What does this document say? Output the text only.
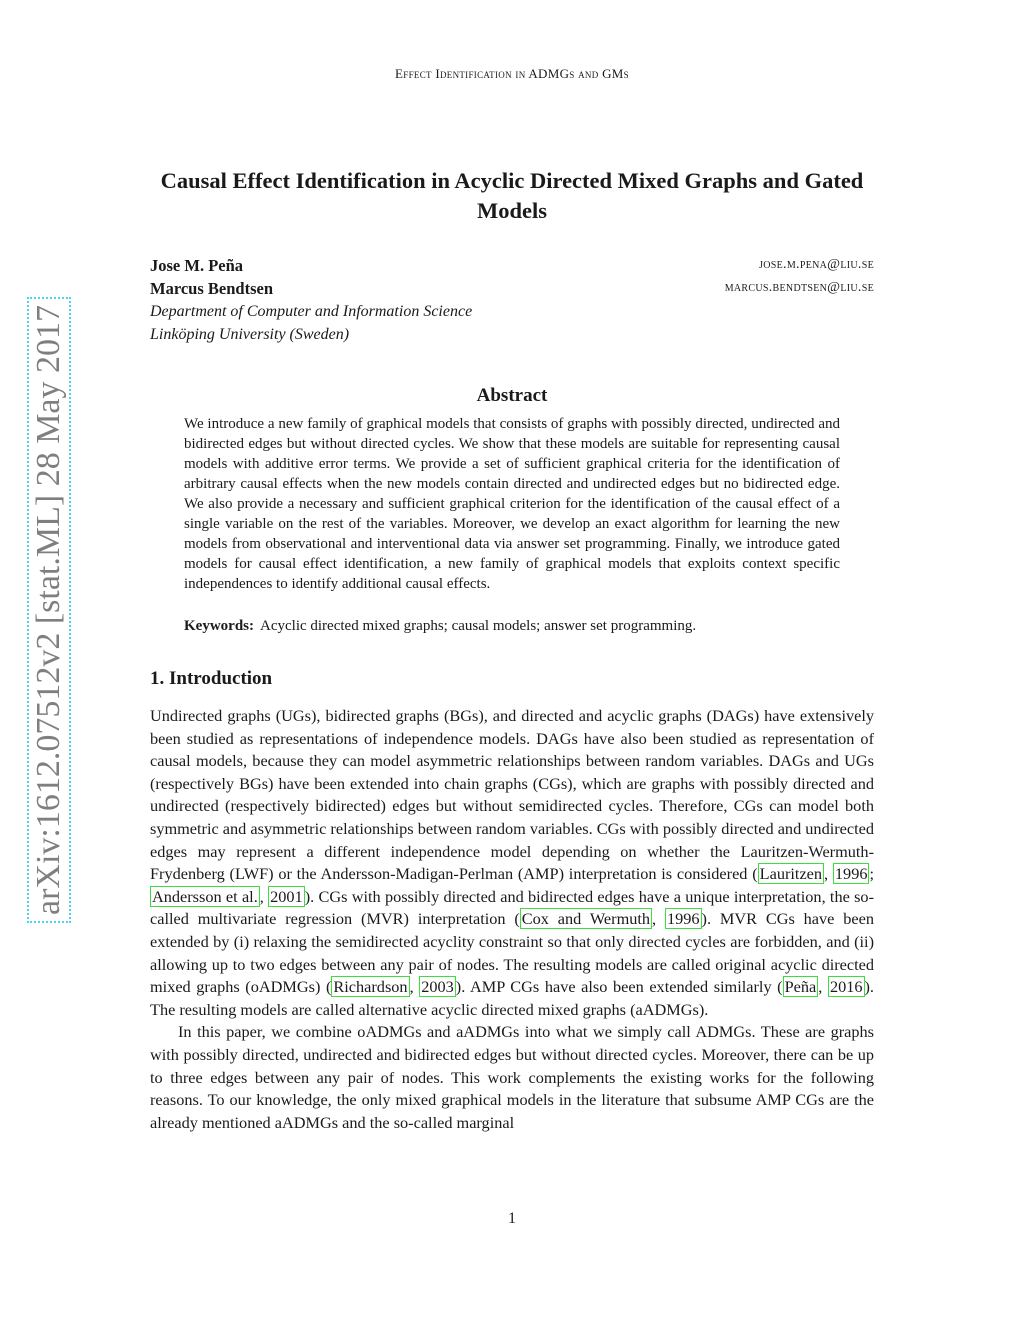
Effect Identification in ADMGs and GMs
arXiv:1612.07512v2 [stat.ML] 28 May 2017
Causal Effect Identification in Acyclic Directed Mixed Graphs and Gated Models
Jose M. Peña	jose.m.pena@liu.se
Marcus Bendtsen	marcus.bendtsen@liu.se
Department of Computer and Information Science
Linköping University (Sweden)
Abstract
We introduce a new family of graphical models that consists of graphs with possibly directed, undirected and bidirected edges but without directed cycles. We show that these models are suitable for representing causal models with additive error terms. We provide a set of sufficient graphical criteria for the identification of arbitrary causal effects when the new models contain directed and undirected edges but no bidirected edge. We also provide a necessary and sufficient graphical criterion for the identification of the causal effect of a single variable on the rest of the variables. Moreover, we develop an exact algorithm for learning the new models from observational and interventional data via answer set programming. Finally, we introduce gated models for causal effect identification, a new family of graphical models that exploits context specific independences to identify additional causal effects.
Keywords: Acyclic directed mixed graphs; causal models; answer set programming.
1. Introduction

Undirected graphs (UGs), bidirected graphs (BGs), and directed and acyclic graphs (DAGs) have extensively been studied as representations of independence models. DAGs have also been studied as representation of causal models, because they can model asymmetric relationships between random variables. DAGs and UGs (respectively BGs) have been extended into chain graphs (CGs), which are graphs with possibly directed and undirected (respectively bidirected) edges but without semidirected cycles. Therefore, CGs can model both symmetric and asymmetric relationships between random variables. CGs with possibly directed and undirected edges may represent a different independence model depending on whether the Lauritzen-Wermuth-Frydenberg (LWF) or the Andersson-Madigan-Perlman (AMP) interpretation is considered ( Lauritzen , 1996 ; Andersson et al. , 2001 ). CGs with possibly directed and bidirected edges have a unique interpretation, the so-called multivariate regression (MVR) interpretation ( Cox and Wermuth , 1996 ). MVR CGs have been extended by (i) relaxing the semidirected acyclity constraint so that only directed cycles are forbidden, and (ii) allowing up to two edges between any pair of nodes. The resulting models are called original acyclic directed mixed graphs (oADMGs) ( Richardson , 2003 ). AMP CGs have also been extended similarly ( Peña , 2016 ). The resulting models are called alternative acyclic directed mixed graphs (aADMGs).

In this paper, we combine oADMGs and aADMGs into what we simply call ADMGs. These are graphs with possibly directed, undirected and bidirected edges but without directed cycles. Moreover, there can be up to three edges between any pair of nodes. This work complements the existing works for the following reasons. To our knowledge, the only mixed graphical models in the literature that subsume AMP CGs are the already mentioned aADMGs and the so-called marginal

1
